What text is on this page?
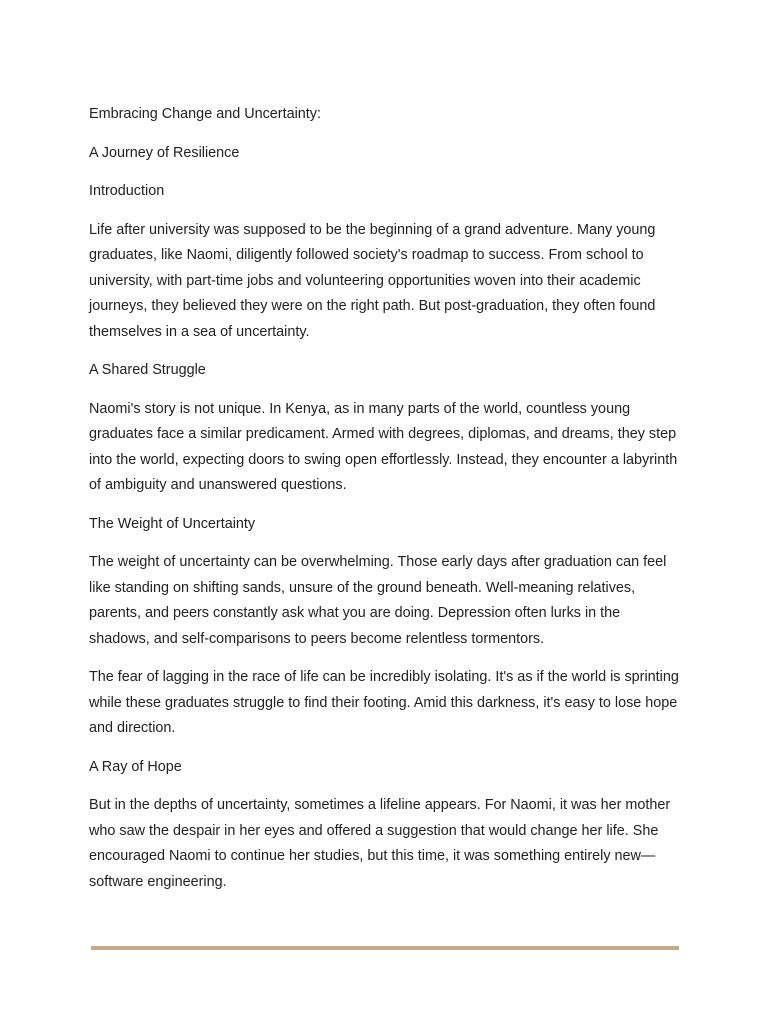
Embracing Change and Uncertainty:

A Journey of Resilience

Introduction

Life after university was supposed to be the beginning of a grand adventure. Many young graduates, like Naomi, diligently followed society's roadmap to success. From school to university, with part-time jobs and volunteering opportunities woven into their academic journeys, they believed they were on the right path. But post-graduation, they often found themselves in a sea of uncertainty.

A Shared Struggle

Naomi's story is not unique. In Kenya, as in many parts of the world, countless young graduates face a similar predicament. Armed with degrees, diplomas, and dreams, they step into the world, expecting doors to swing open effortlessly. Instead, they encounter a labyrinth of ambiguity and unanswered questions.

The Weight of Uncertainty

The weight of uncertainty can be overwhelming. Those early days after graduation can feel like standing on shifting sands, unsure of the ground beneath. Well-meaning relatives, parents, and peers constantly ask what you are doing. Depression often lurks in the shadows, and self-comparisons to peers become relentless tormentors.

The fear of lagging in the race of life can be incredibly isolating. It's as if the world is sprinting while these graduates struggle to find their footing. Amid this darkness, it's easy to lose hope and direction.

A Ray of Hope

But in the depths of uncertainty, sometimes a lifeline appears. For Naomi, it was her mother who saw the despair in her eyes and offered a suggestion that would change her life. She encouraged Naomi to continue her studies, but this time, it was something entirely new—software engineering.
